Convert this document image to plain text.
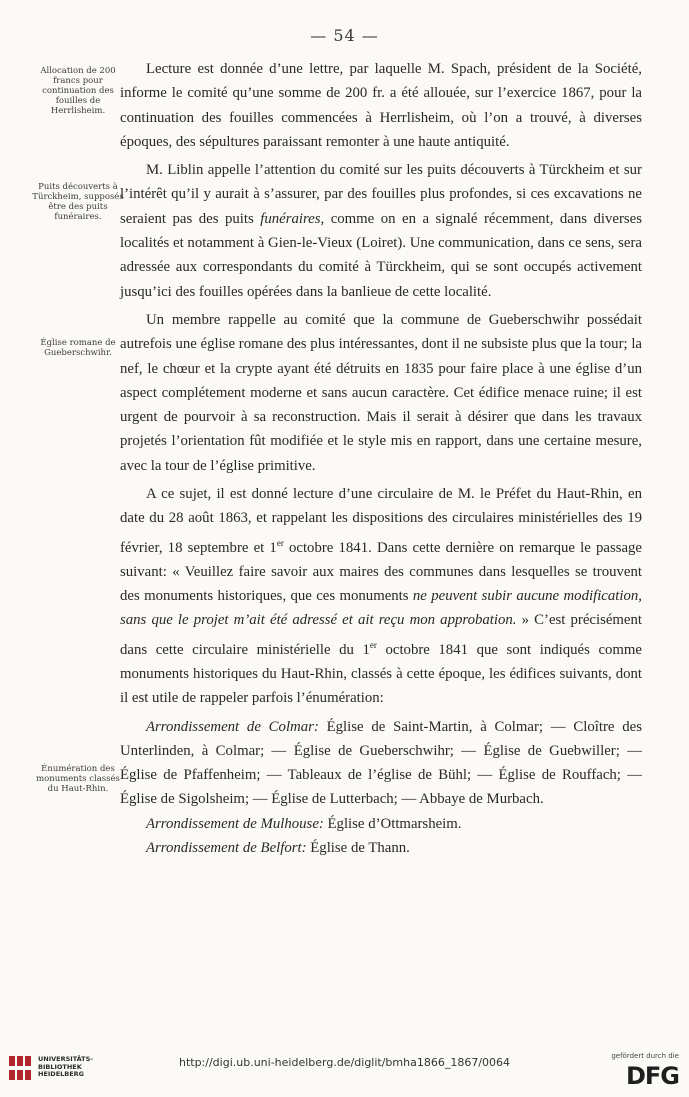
— 54 —
Allocation de 200 francs pour continuation des fouilles de Herrlisheim.
Puits découverts à Türckheim, supposés être des puits funéraires.
Église romane de Gueberschwihr.
Énumération des monuments classés du Haut-Rhin.

Lecture est donnée d’une lettre, par laquelle M. Spach, président de la Société, informe le comité qu’une somme de 200 fr. a été allouée, sur l’exercice 1867, pour la continuation des fouilles commencées à Herrlisheim, où l’on a trouvé, à diverses époques, des sépultures paraissant remonter à une haute antiquité.

M. Liblin appelle l’attention du comité sur les puits découverts à Türckheim et sur l’intérêt qu’il y aurait à s’assurer, par des fouilles plus profondes, si ces excavations ne seraient pas des puits funéraires, comme on en a signalé récemment, dans diverses localités et notamment à Gien-le-Vieux (Loiret). Une communication, dans ce sens, sera adressée aux correspondants du comité à Türckheim, qui se sont occupés activement jusqu’ici des fouilles opérées dans la banlieue de cette localité.

Un membre rappelle au comité que la commune de Gueberschwihr possédait autrefois une église romane des plus intéressantes, dont il ne subsiste plus que la tour; la nef, le chœur et la crypte ayant été détruits en 1835 pour faire place à une église d’un aspect complétement moderne et sans aucun caractère. Cet édifice menace ruine; il est urgent de pourvoir à sa reconstruction. Mais il serait à désirer que dans les travaux projetés l’orientation fût modifiée et le style mis en rapport, dans une certaine mesure, avec la tour de l’église primitive.

A ce sujet, il est donné lecture d’une circulaire de M. le Préfet du Haut-Rhin, en date du 28 août 1863, et rappelant les dispositions des circulaires ministérielles des 19 février, 18 septembre et 1er octobre 1841. Dans cette dernière on remarque le passage suivant: « Veuillez faire savoir aux maires des communes dans lesquelles se trouvent des monuments historiques, que ces monuments ne peuvent subir aucune modification, sans que le projet m’ait été adressé et ait reçu mon approbation. » C’est précisément dans cette circulaire ministérielle du 1er octobre 1841 que sont indiqués comme monuments historiques du Haut-Rhin, classés à cette époque, les édifices suivants, dont il est utile de rappeler parfois l’énumération:

Arrondissement de Colmar: Église de Saint-Martin, à Colmar; — Cloître des Unterlinden, à Colmar; — Église de Gueberschwihr; — Église de Guebwiller; — Église de Pfaffenheim; — Tableaux de l’église de Bühl; — Église de Rouffach; — Église de Sigolsheim; — Église de Lutterbach; — Abbaye de Murbach.

Arrondissement de Mulhouse: Église d’Ottmarsheim.

Arrondissement de Belfort: Église de Thann.

UNIVERSITÄTS-
BIBLIOTHEK
HEIDELBERG
http://digi.ub.uni-heidelberg.de/diglit/bmha1866_1867/0064	gefördert durch die
DFG
